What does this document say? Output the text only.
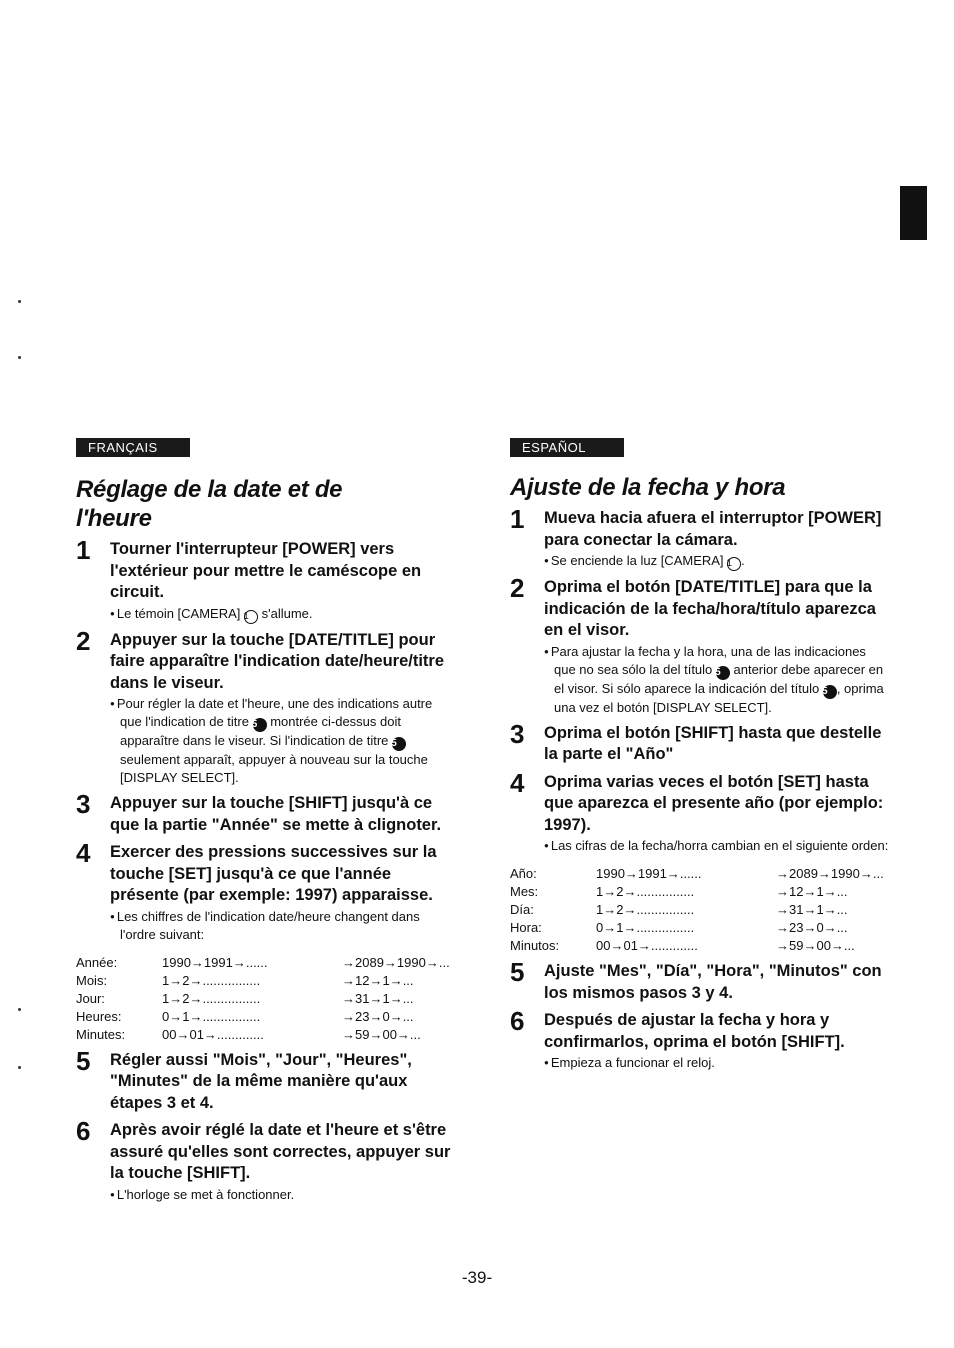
FRANÇAIS
Réglage de la date et de l'heure
1 Tourner l'interrupteur [POWER] vers l'extérieur pour mettre le caméscope en circuit.

● Le témoin [CAMERA] 1 s'allume.

2 Appuyer sur la touche [DATE/TITLE] pour faire apparaître l'indication date/heure/titre dans le viseur.

● Pour régler la date et l'heure, une des indications autre que l'indication de titre 5 montrée ci-dessus doit apparaître dans le viseur. Si l'indication de titre 5 seulement apparaît, appuyer à nouveau sur la touche [DISPLAY SELECT].

3 Appuyer sur la touche [SHIFT] jusqu'à ce que la partie "Année" se mette à clignoter.

4 Exercer des pressions successives sur la touche [SET] jusqu'à ce que l'année présente (par exemple: 1997) apparaisse.

● Les chiffres de l'indication date/heure changent dans l'ordre suivant:

Année:	1990→1991→......	→2089→1990→...
Mois:	1→2→................	→12→1→...
Jour:	1→2→................	→31→1→...
Heures:	0→1→................	→23→0→...
Minutes:	00→01→.............	→59→00→...
5 Régler aussi "Mois", "Jour", "Heures", "Minutes" de la même manière qu'aux étapes 3 et 4.

6 Après avoir réglé la date et l'heure et s'être assuré qu'elles sont correctes, appuyer sur la touche [SHIFT].

● L'horloge se met à fonctionner.

ESPAÑOL
Ajuste de la fecha y hora
1 Mueva hacia afuera el interruptor [POWER] para conectar la cámara.

● Se enciende la luz [CAMERA] 1 .

2 Oprima el botón [DATE/TITLE] para que la indicación de la fecha/hora/título aparezca en el visor.

● Para ajustar la fecha y la hora, una de las indicaciones que no sea sólo la del título 5 anterior debe aparecer en el visor. Si sólo aparece la indicación del título 5 , oprima una vez el botón [DISPLAY SELECT].

3 Oprima el botón [SHIFT] hasta que destelle la parte el "Año"

4 Oprima varias veces el botón [SET] hasta que aparezca el presente año (por ejemplo: 1997).

● Las cifras de la fecha/horra cambian en el siguiente orden:

Año:	1990→1991→......	→2089→1990→...
Mes:	1→2→................	→12→1→...
Día:	1→2→................	→31→1→...
Hora:	0→1→................	→23→0→...
Minutos:	00→01→.............	→59→00→...
5 Ajuste "Mes", "Día", "Hora", "Minutos" con los mismos pasos 3 y 4.

6 Después de ajustar la fecha y hora y confirmarlos, oprima el botón [SHIFT].

● Empieza a funcionar el reloj.

-39-
